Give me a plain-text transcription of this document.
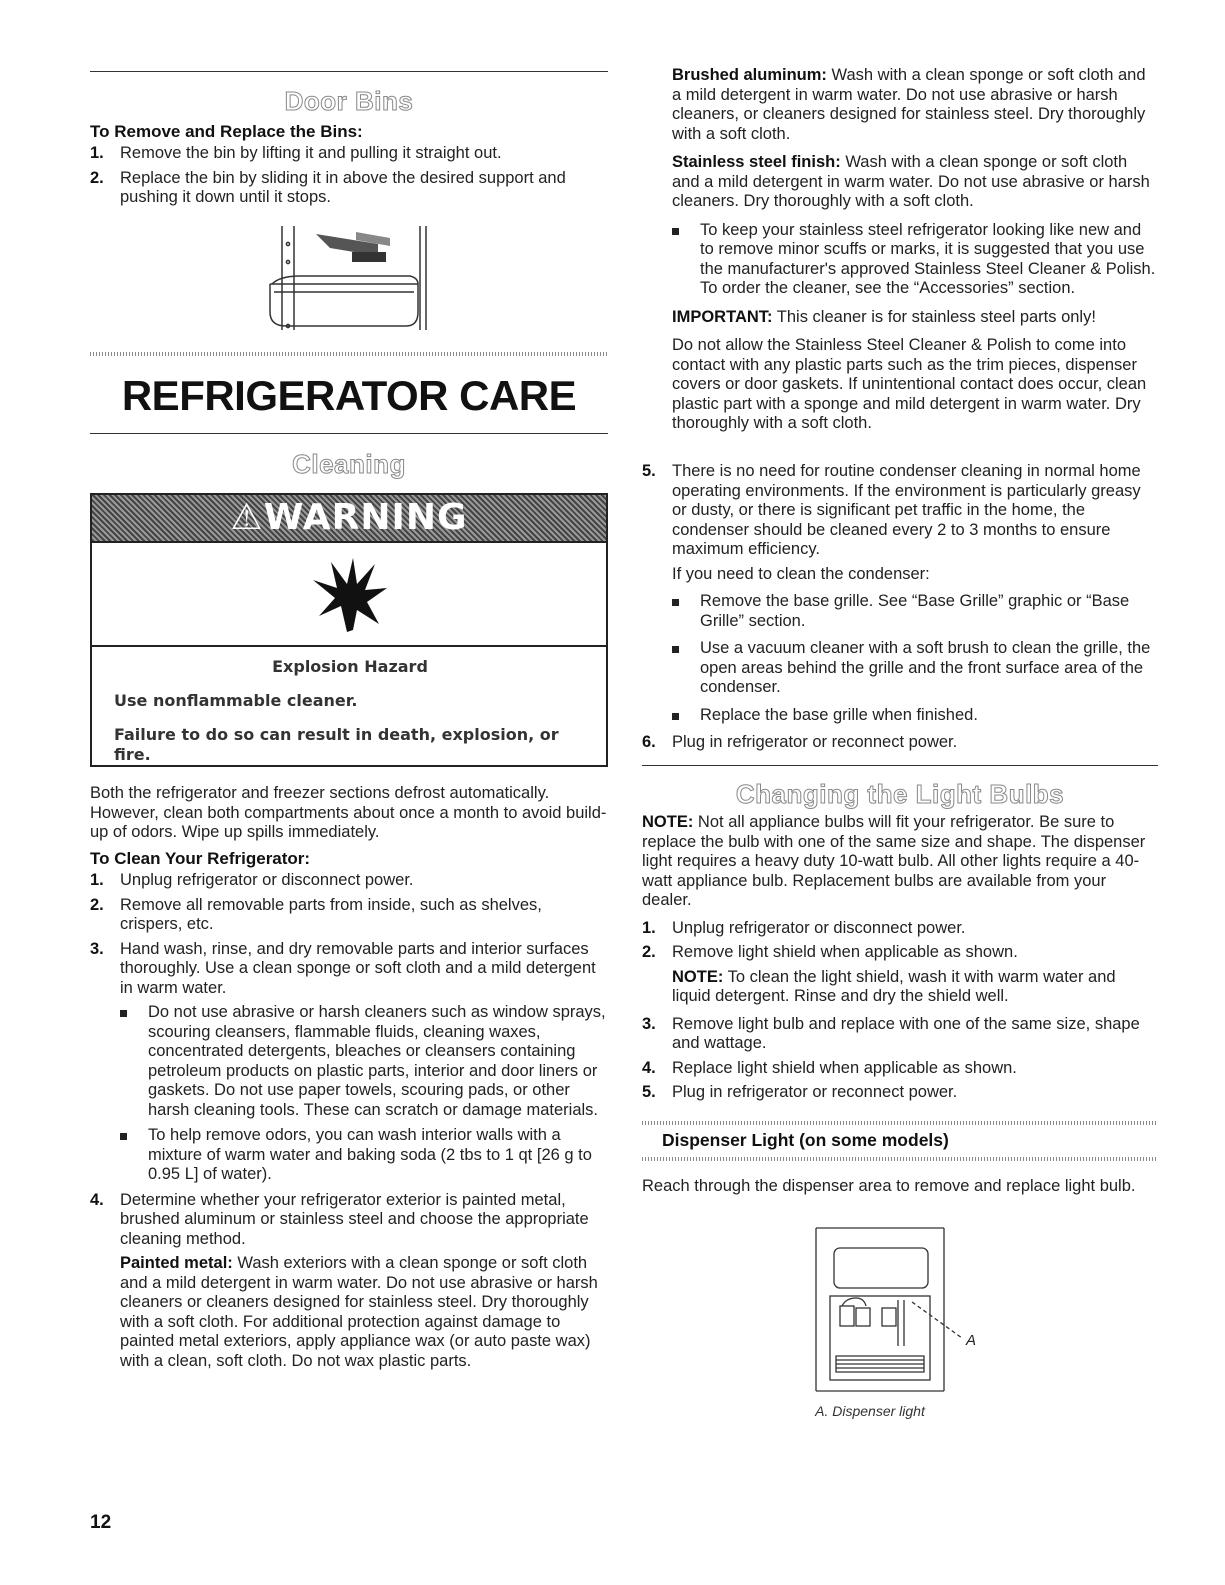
Door Bins
To Remove and Replace the Bins:
1. Remove the bin by lifting it and pulling it straight out.
2. Replace the bin by sliding it in above the desired support and pushing it down until it stops.
REFRIGERATOR CARE
Cleaning
⚠WARNING
Explosion Hazard
Use nonflammable cleaner.
Failure to do so can result in death, explosion, or fire.

Both the refrigerator and freezer sections defrost automatically. However, clean both compartments about once a month to avoid build-up of odors. Wipe up spills immediately.

To Clean Your Refrigerator:
1. Unplug refrigerator or disconnect power.
2. Remove all removable parts from inside, such as shelves, crispers, etc.
3. Hand wash, rinse, and dry removable parts and interior surfaces thoroughly. Use a clean sponge or soft cloth and a mild detergent in warm water.
Do not use abrasive or harsh cleaners such as window sprays, scouring cleansers, flammable fluids, cleaning waxes, concentrated detergents, bleaches or cleansers containing petroleum products on plastic parts, interior and door liners or gaskets. Do not use paper towels, scouring pads, or other harsh cleaning tools. These can scratch or damage materials.
To help remove odors, you can wash interior walls with a mixture of warm water and baking soda (2 tbs to 1 qt [26 g to 0.95 L] of water).
4. Determine whether your refrigerator exterior is painted metal, brushed aluminum or stainless steel and choose the appropriate cleaning method.

Painted metal: Wash exteriors with a clean sponge or soft cloth and a mild detergent in warm water. Do not use abrasive or harsh cleaners or cleaners designed for stainless steel. Dry thoroughly with a soft cloth. For additional protection against damage to painted metal exteriors, apply appliance wax (or auto paste wax) with a clean, soft cloth. Do not wax plastic parts.

Brushed aluminum: Wash with a clean sponge or soft cloth and a mild detergent in warm water. Do not use abrasive or harsh cleaners, or cleaners designed for stainless steel. Dry thoroughly with a soft cloth.

Stainless steel finish: Wash with a clean sponge or soft cloth and a mild detergent in warm water. Do not use abrasive or harsh cleaners. Dry thoroughly with a soft cloth.

To keep your stainless steel refrigerator looking like new and to remove minor scuffs or marks, it is suggested that you use the manufacturer's approved Stainless Steel Cleaner & Polish. To order the cleaner, see the “Accessories” section.

IMPORTANT: This cleaner is for stainless steel parts only!

Do not allow the Stainless Steel Cleaner & Polish to come into contact with any plastic parts such as the trim pieces, dispenser covers or door gaskets. If unintentional contact does occur, clean plastic part with a sponge and mild detergent in warm water. Dry thoroughly with a soft cloth.

5. There is no need for routine condenser cleaning in normal home operating environments. If the environment is particularly greasy or dusty, or there is significant pet traffic in the home, the condenser should be cleaned every 2 to 3 months to ensure maximum efficiency.

If you need to clean the condenser:

Remove the base grille. See “Base Grille” graphic or “Base Grille” section.
Use a vacuum cleaner with a soft brush to clean the grille, the open areas behind the grille and the front surface area of the condenser.
Replace the base grille when finished.
6. Plug in refrigerator or reconnect power.
Changing the Light Bulbs

NOTE: Not all appliance bulbs will fit your refrigerator. Be sure to replace the bulb with one of the same size and shape. The dispenser light requires a heavy duty 10-watt bulb. All other lights require a 40-watt appliance bulb. Replacement bulbs are available from your dealer.

1. Unplug refrigerator or disconnect power.
2. Remove light shield when applicable as shown.

NOTE: To clean the light shield, wash it with warm water and liquid detergent. Rinse and dry the shield well.

3. Remove light bulb and replace with one of the same size, shape and wattage.
4. Replace light shield when applicable as shown.
5. Plug in refrigerator or reconnect power.
Dispenser Light (on some models)

Reach through the dispenser area to remove and replace light bulb.

A
A. Dispenser light
12
